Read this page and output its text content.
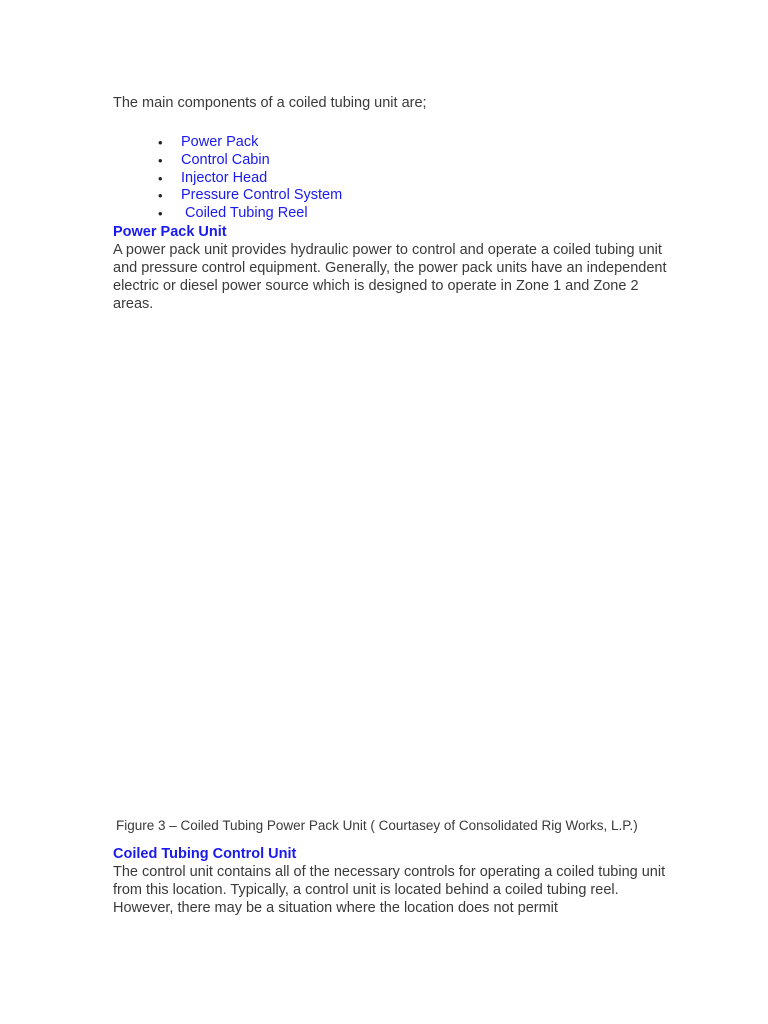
The main components of a coiled tubing unit are;

• Power Pack
• Control Cabin
• Injector Head
• Pressure Control System
• Coiled Tubing Reel
Power Pack Unit

A power pack unit provides hydraulic power to control and operate a coiled tubing unit and pressure control equipment. Generally, the power pack units have an independent electric or diesel power source which is designed to operate in Zone 1 and Zone 2 areas.

Figure 3 – Coiled Tubing Power Pack Unit ( Courtasey of Consolidated Rig Works, L.P.)

Coiled Tubing Control Unit

The control unit contains all of the necessary controls for operating a coiled tubing unit from this location. Typically, a control unit is located behind a coiled tubing reel. However, there may be a situation where the location does not permit
